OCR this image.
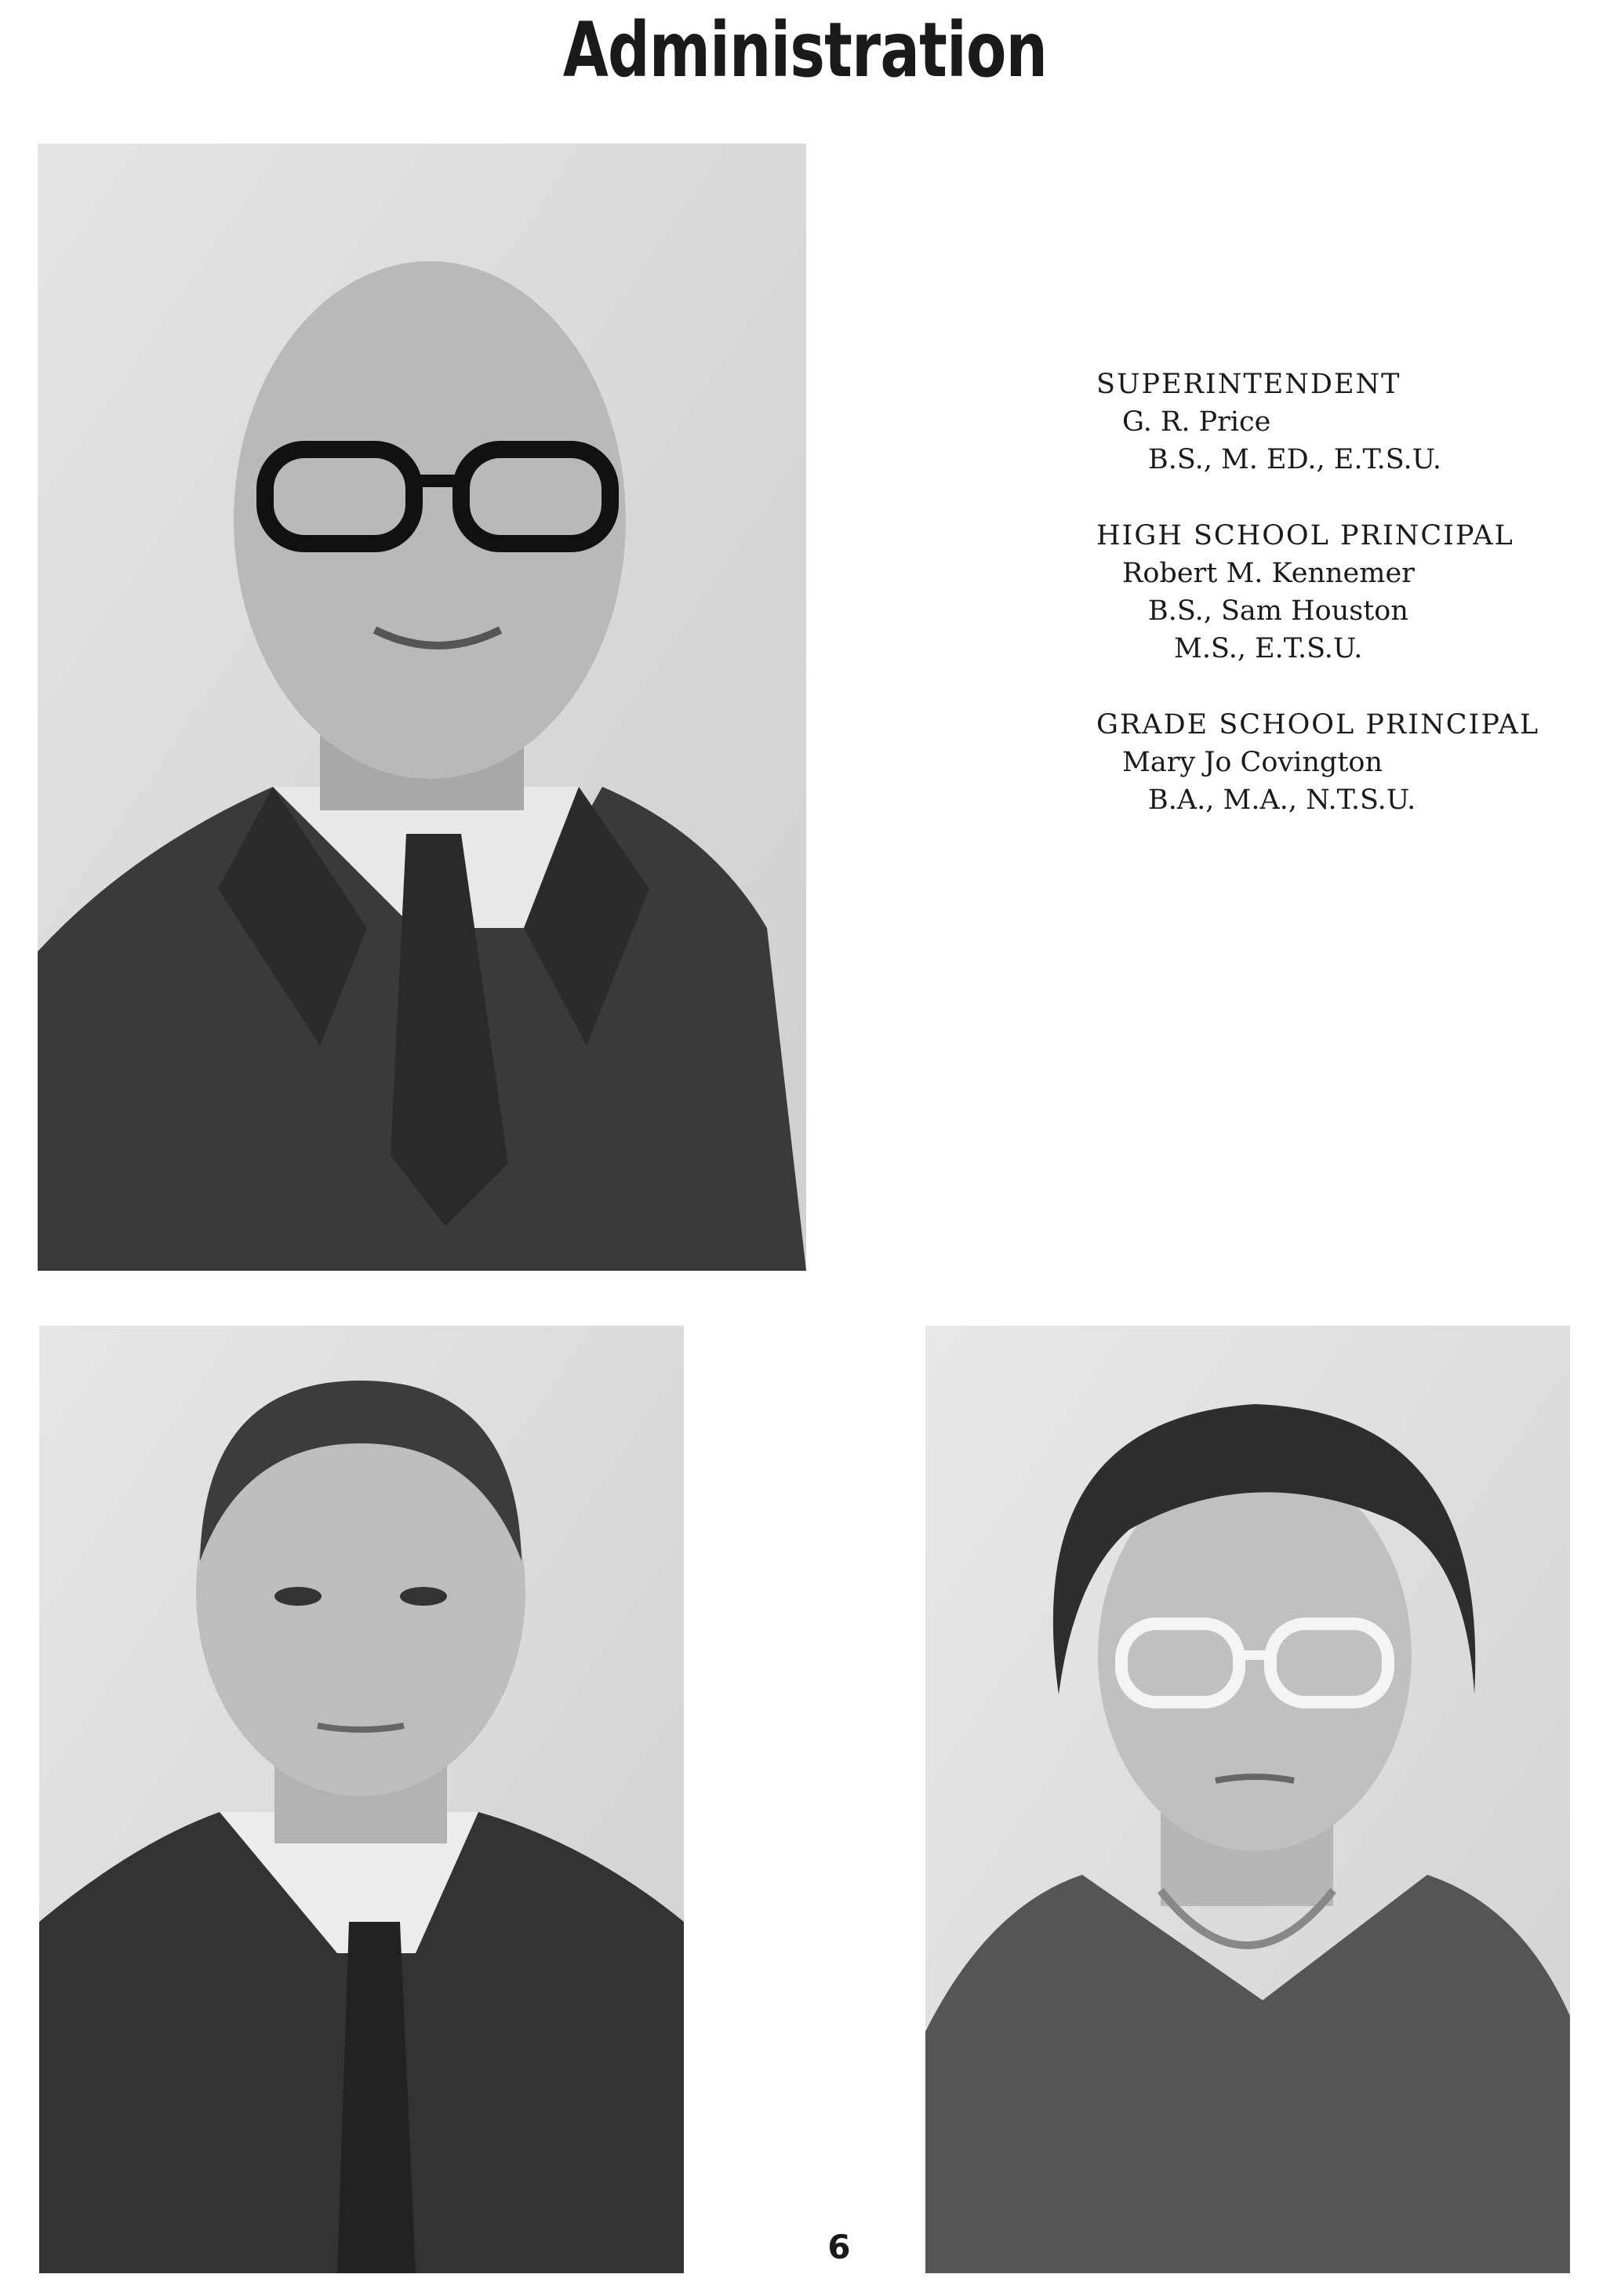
Administration
SUPERINTENDENT
G. R. Price
B.S., M. ED., E.T.S.U.
HIGH SCHOOL PRINCIPAL
Robert M. Kennemer
B.S., Sam Houston
M.S., E.T.S.U.
GRADE SCHOOL PRINCIPAL
Mary Jo Covington
B.A., M.A., N.T.S.U.
6
